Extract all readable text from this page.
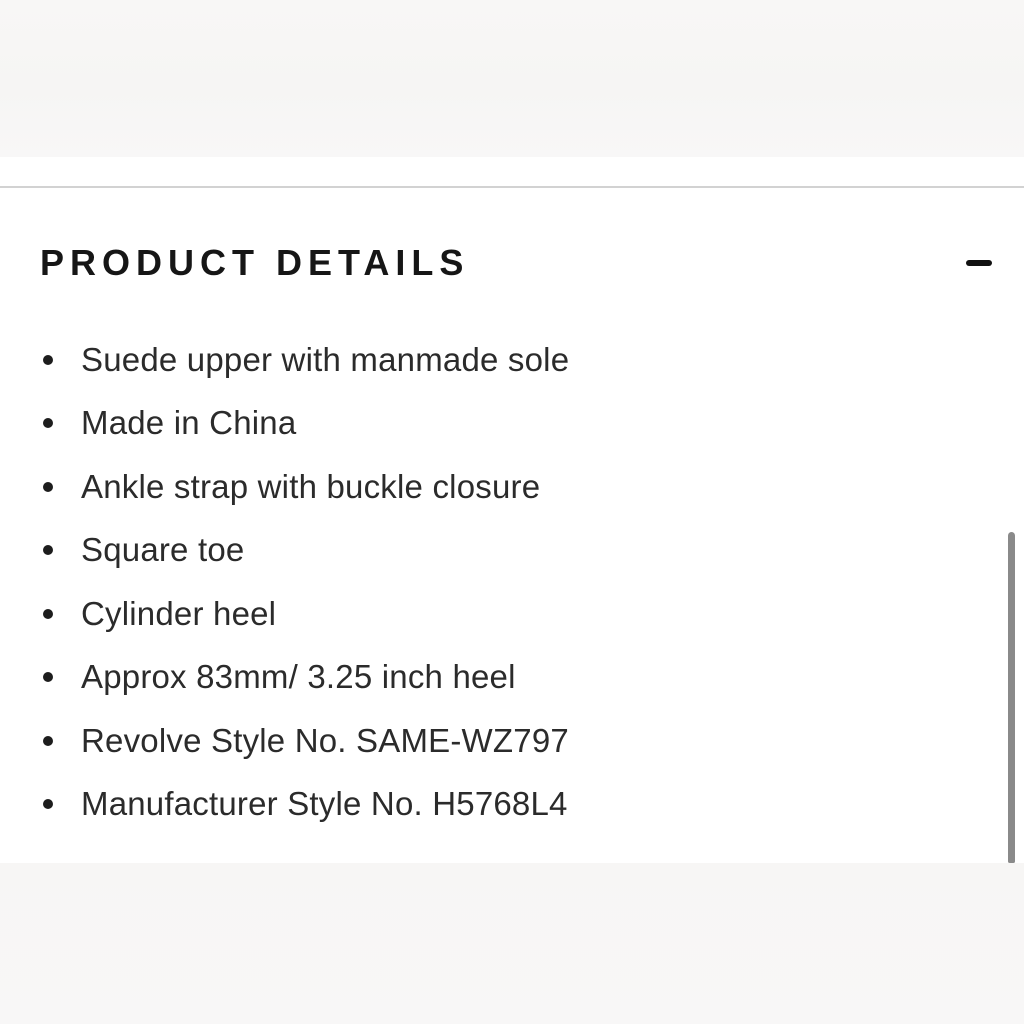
PRODUCT DETAILS
Suede upper with manmade sole
Made in China
Ankle strap with buckle closure
Square toe
Cylinder heel
Approx 83mm/ 3.25 inch heel
Revolve Style No. SAME-WZ797
Manufacturer Style No. H5768L4
